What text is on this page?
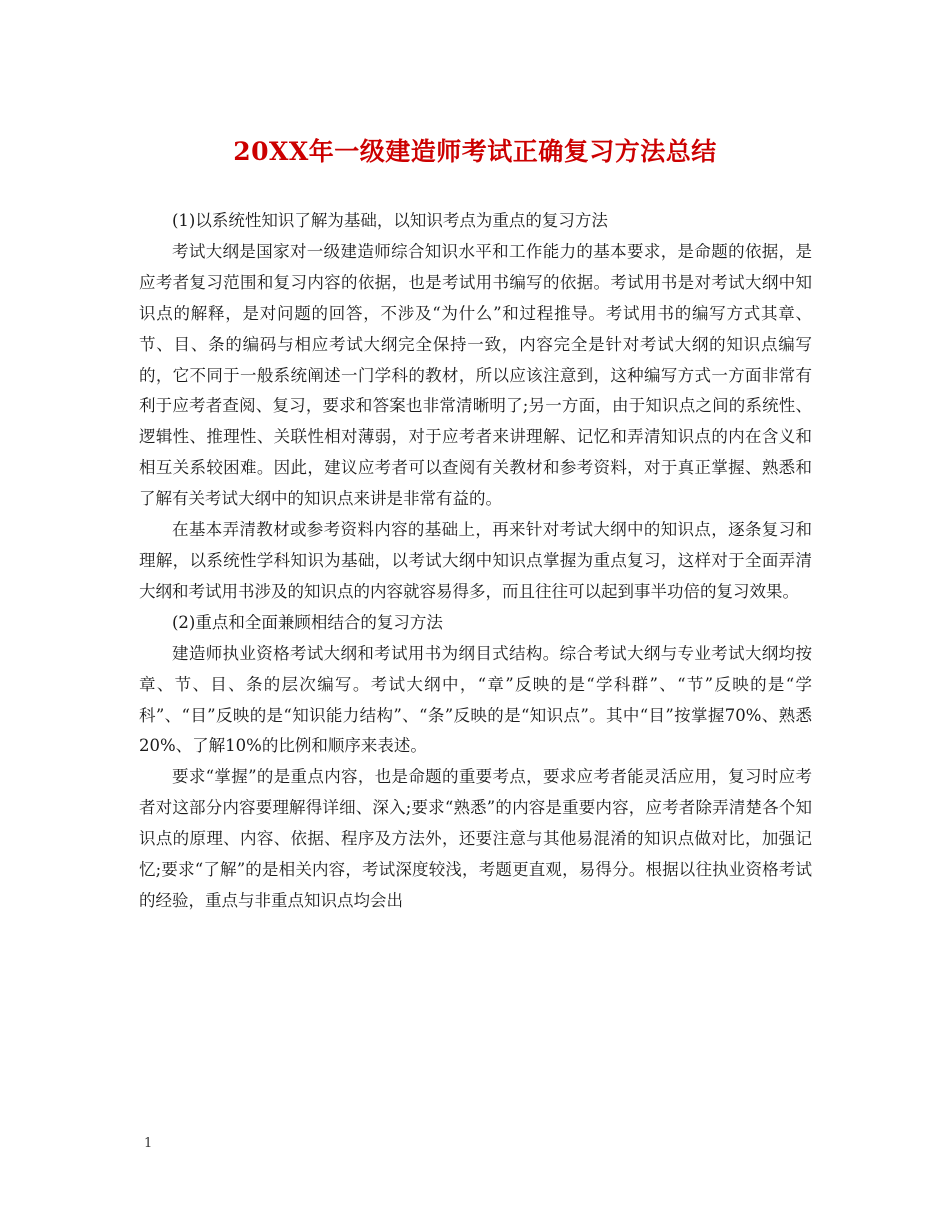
20XX年一级建造师考试正确复习方法总结

(1)以系统性知识了解为基础，以知识考点为重点的复习方法

考试大纲是国家对一级建造师综合知识水平和工作能力的基本要求，是命题的依据，是应考者复习范围和复习内容的依据，也是考试用书编写的依据。考试用书是对考试大纲中知识点的解释，是对问题的回答，不涉及“为什么”和过程推导。考试用书的编写方式其章、节、目、条的编码与相应考试大纲完全保持一致，内容完全是针对考试大纲的知识点编写的，它不同于一般系统阐述一门学科的教材，所以应该注意到，这种编写方式一方面非常有利于应考者查阅、复习，要求和答案也非常清晰明了;另一方面，由于知识点之间的系统性、逻辑性、推理性、关联性相对薄弱，对于应考者来讲理解、记忆和弄清知识点的内在含义和相互关系较困难。因此，建议应考者可以查阅有关教材和参考资料，对于真正掌握、熟悉和了解有关考试大纲中的知识点来讲是非常有益的。

在基本弄清教材或参考资料内容的基础上，再来针对考试大纲中的知识点，逐条复习和理解，以系统性学科知识为基础，以考试大纲中知识点掌握为重点复习，这样对于全面弄清大纲和考试用书涉及的知识点的内容就容易得多，而且往往可以起到事半功倍的复习效果。

(2)重点和全面兼顾相结合的复习方法

建造师执业资格考试大纲和考试用书为纲目式结构。综合考试大纲与专业考试大纲均按章、节、目、条的层次编写。考试大纲中，“章”反映的是“学科群”、“节”反映的是“学科”、“目”反映的是“知识能力结构”、“条”反映的是“知识点”。其中“目”按掌握70%、熟悉20%、了解10%的比例和顺序来表述。

要求“掌握”的是重点内容，也是命题的重要考点，要求应考者能灵活应用，复习时应考者对这部分内容要理解得详细、深入;要求“熟悉”的内容是重要内容，应考者除弄清楚各个知识点的原理、内容、依据、程序及方法外，还要注意与其他易混淆的知识点做对比，加强记忆;要求“了解”的是相关内容，考试深度较浅，考题更直观，易得分。根据以往执业资格考试的经验，重点与非重点知识点均会出

1
